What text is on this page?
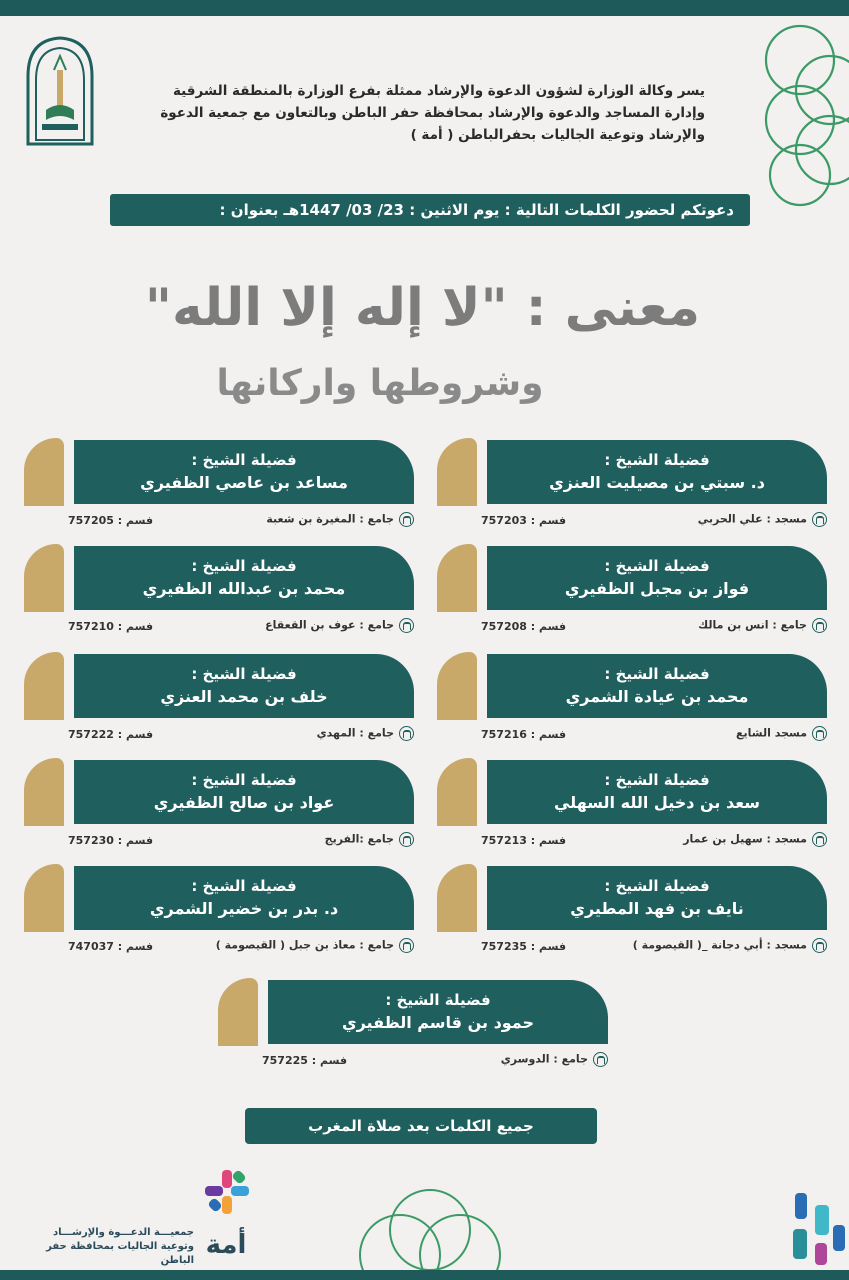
يسر وكالة الوزارة لشؤون الدعوة والإرشاد ممثلة بفرع الوزارة بالمنطقة الشرقية
وإدارة المساجد والدعوة والإرشاد بمحافظة حفر الباطن وبالتعاون مع جمعية الدعوة
والإرشاد وتوعية الجاليات بحفرالباطن ( أمة )
دعوتكم لحضور الكلمات التالية : يوم الاثنين : 23/ 03/ 1447هـ بعنوان :
معنى : "لا إله إلا الله"
وشروطها واركانها
فضيلة الشيخ :
د. سبتي بن مصيليت العنزي
مسجد : علي الحربي
فسم : 757203
فضيلة الشيخ :
مساعد بن عاصي الظفيري
جامع : المغيرة بن شعبة
فسم : 757205
فضيلة الشيخ :
فواز بن مجبل الظفيري
جامع : انس بن مالك
فسم : 757208
فضيلة الشيخ :
محمد بن عبدالله الظفيري
جامع : عوف بن القعقاع
فسم : 757210
فضيلة الشيخ :
محمد بن عيادة الشمري
مسجد الشايع
فسم : 757216
فضيلة الشيخ :
خلف بن محمد العنزي
جامع : المهدي
فسم : 757222
فضيلة الشيخ :
سعد بن دخيل الله السهلي
مسجد : سهيل بن عمار
فسم : 757213
فضيلة الشيخ :
عواد بن صالح الظفيري
جامع :الفريج
فسم : 757230
فضيلة الشيخ :
نايف بن فهد المطيري
مسجد : أبي دجانة _( القيصومة )
فسم : 757235
فضيلة الشيخ :
د. بدر بن خضير الشمري
جامع : معاذ بن جبل ( القيصومة )
فسم : 747037
فضيلة الشيخ :
حمود بن قاسم الظفيري
جامع : الدوسري
فسم : 757225
جميع الكلمات بعد صلاة المغرب
أمة
جمعيـــة الدعـــوة والإرشـــاد
وتوعية الجاليات بمحافظة حفر الباطن
